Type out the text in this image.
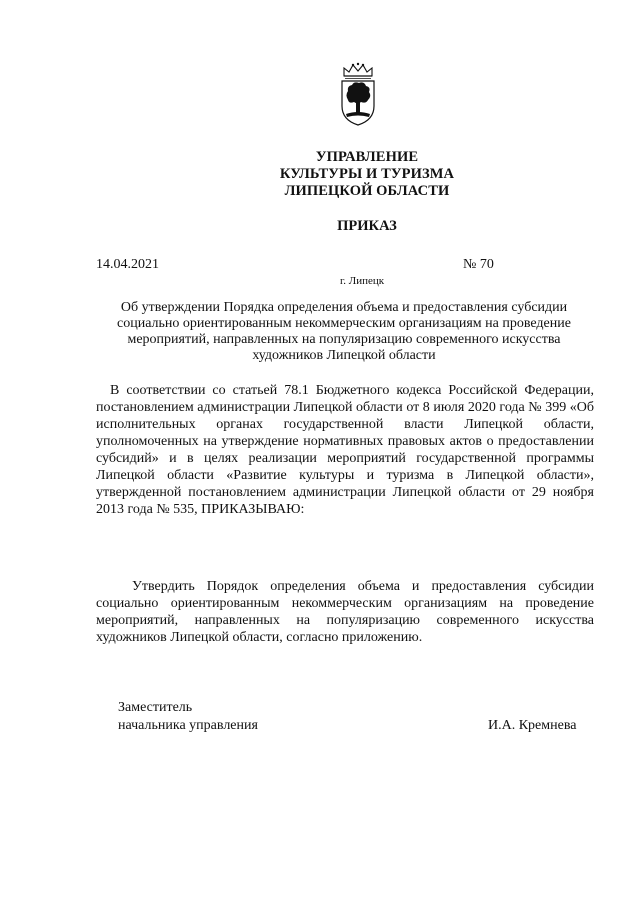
УПРАВЛЕНИЕ
КУЛЬТУРЫ И ТУРИЗМА
ЛИПЕЦКОЙ ОБЛАСТИ
ПРИКАЗ
14.04.2021	№ 70
г. Липецк
Об утверждении Порядка определения объема и предоставления субсидии социально ориентированным некоммерческим организациям на проведение мероприятий, направленных на популяризацию современного искусства художников Липецкой области
В соответствии со статьей 78.1 Бюджетного кодекса Российской Федерации, постановлением администрации Липецкой области от 8 июля 2020 года № 399 «Об исполнительных органах государственной власти Липецкой области, уполномоченных на утверждение нормативных правовых актов о предоставлении субсидий» и в целях реализации мероприятий государственной программы Липецкой области «Развитие культуры и туризма в Липецкой области», утвержденной постановлением администрации Липецкой области от 29 ноября 2013 года № 535, ПРИКАЗЫВАЮ:
Утвердить Порядок определения объема и предоставления субсидии социально ориентированным некоммерческим организациям на проведение мероприятий, направленных на популяризацию современного искусства художников Липецкой области, согласно приложению.
Заместитель
начальника управления	И.А. Кремнева
